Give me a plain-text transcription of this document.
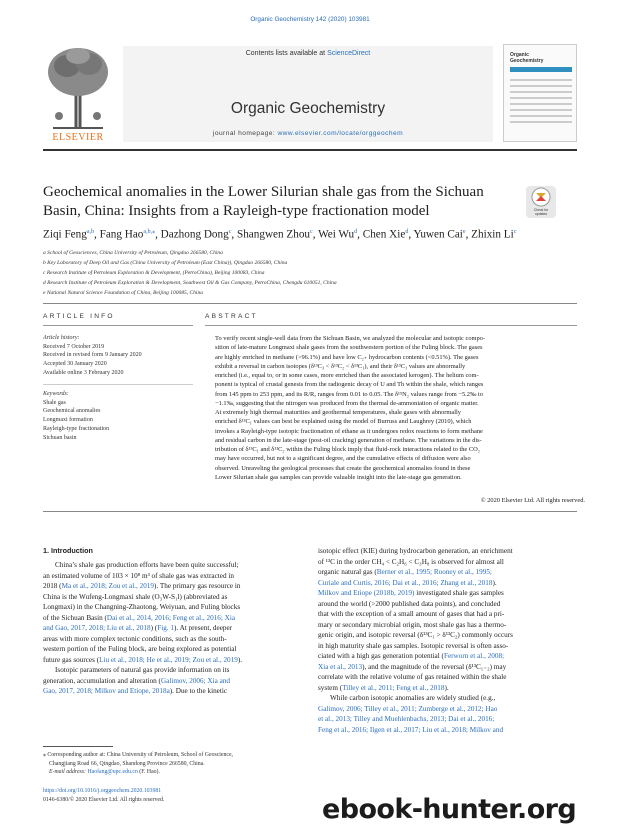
Organic Geochemistry 142 (2020) 103981
ELSEVIER
Contents lists available at ScienceDirect
Organic Geochemistry
journal homepage: www.elsevier.com/locate/orggeochem
Organic
Geochemistry
Geochemical anomalies in the Lower Silurian shale gas from the Sichuan
Basin, China: Insights from a Rayleigh-type fractionation model	Check for
updates
Ziqi Feng$^{a,b}$, Fang Hao$^{a,b,⁎}$, Dazhong Dong$^c$, Shangwen Zhou$^c$, Wei Wu$^d$, Chen Xie$^d$, Yuwen Cai$^e$, Zhixin Li$^c$
a School of Geosciences, China University of Petroleum, Qingdao 266580, China
b Key Laboratory of Deep Oil and Gas (China University of Petroleum (East China)), Qingdao 266580, China
c Research Institute of Petroleum Exploration & Development, (PetroChina), Beijing 100083, China
d Research Institute of Petroleum Exploration & Development, Southwest Oil & Gas Company, PetroChina, Chengdu 610051, China
e National Natural Science Foundation of China, Beijing 100085, China
ARTICLE INFO	ABSTRACT
Article history:
Received 7 October 2019
Received in revised form 9 January 2020
Accepted 30 January 2020
Available online 3 February 2020
Keywords:
Shale gas
Geochemical anomalies
Longmaxi formation
Rayleigh-type fractionation
Sichuan basin
To verify recent single-well data from the Sichuan Basin, we analyzed the molecular and isotopic compo-
sition of late-mature Longmaxi shale gases from the southwestern portion of the Fuling block. The gases
are highly enriched in methane (>96.1%) and have low C₂₊ hydrocarbon contents (<0.51%). The gases
exhibit a reversal in carbon isotopes (δ¹³C₃ < δ¹³C₂ < δ¹³C₁), and their δ¹³C₁ values are abnormally
enriched (i.e., equal to, or in some cases, more enriched than the associated kerogen). The helium com-
ponent is typical of crustal genesis from the radiogenic decay of U and Th within the shale, which ranges
from 145 ppm to 253 ppm, and its R/Rₐ ranges from 0.01 to 0.05. The δ¹⁵N₂ values range from −5.2‰ to
−1.1‰, suggesting that the nitrogen was produced from the thermal de-ammoniation of organic matter.
At extremely high thermal maturities and geothermal temperatures, shale gases with abnormally
enriched δ¹³C₁ values can best be explained using the model of Burruss and Laughrey (2010), which
invokes a Rayleigh-type isotopic fractionation of ethane as it undergoes redox reactions to form methane
and residual carbon in the late-stage (post-oil cracking) generation of methane. The variations in the dis-
tribution of δ¹³C₁ and δ¹³C₂ within the Fuling block imply that fluid-rock interactions related to the CO₂
may have occurred, but not to a significant degree, and the cumulative effects of diffusion were also
observed. Unraveling the geological processes that create the geochemical anomalies found in these
Lower Silurian shale gas samples can provide valuable insight into the late-stage gas generation.
© 2020 Elsevier Ltd. All rights reserved.
1. Introduction
China’s shale gas production efforts have been quite successful;
an estimated volume of 103 × 10⁸ m³ of shale gas was extracted in
2018 (Ma et al., 2018; Zou et al., 2019). The primary gas resource in
China is the Wufeng-Longmaxi shale (O₃W-S₁l) (abbreviated as
Longmaxi) in the Changning-Zhaotong, Weiyuan, and Fuling blocks
of the Sichuan Basin (Dai et al., 2014, 2016; Feng et al., 2016; Xia
and Gao, 2017, 2018; Liu et al., 2018) (Fig. 1). At present, deeper
areas with more complex tectonic conditions, such as the south-
western portion of the Fuling block, are being explored as potential
future gas sources (Liu et al., 2018; He et al., 2019; Zou et al., 2019).
Isotopic parameters of natural gas provide information on its
generation, accumulation and alteration (Galimov, 2006; Xia and
Gao, 2017, 2018; Milkov and Etiope, 2018a). Due to the kinetic
isotopic effect (KIE) during hydrocarbon generation, an enrichment
of ¹³C in the order CH₄ < C₂H₆ < C₃H₈ is observed for almost all
organic natural gas (Berner et al., 1995; Rooney et al., 1995;
Curiale and Curtis, 2016; Dai et al., 2016; Zhang et al., 2018).
Milkov and Etiope (2018b, 2019) investigated shale gas samples
around the world (>2000 published data points), and concluded
that with the exception of a small amount of gases that had a pri-
mary or secondary microbial origin, most shale gas has a thermo-
genic origin, and isotopic reversal (δ¹³C₁ > δ¹³C₂) commonly occurs
in high maturity shale gas samples. Isotopic reversal is often asso-
ciated with a high gas generation potential (Ferworn et al., 2008;
Xia et al., 2013), and the magnitude of the reversal (δ¹³C₁₋₂) may
correlate with the relative volume of gas retained within the shale
system (Tilley et al., 2011; Feng et al., 2018).
While carbon isotopic anomalies are widely studied (e.g.,
Galimov, 2006; Tilley et al., 2011; Zumberge et al., 2012; Hao
et al., 2013; Tilley and Muehlenbachs, 2013; Dai et al., 2016;
Feng et al., 2016; Ilgen et al., 2017; Liu et al., 2018; Milkov and
⁎ Corresponding author at: China University of Petroleum, School of Geoscience,
Changjiang Road 66, Qingdao, Shandong Province 266580, China.
E-mail address: Haofang@upc.edu.cn (F. Hao).
https://doi.org/10.1016/j.orggeochem.2020.103981
0146-6380/© 2020 Elsevier Ltd. All rights reserved.	ebook-hunter.org
